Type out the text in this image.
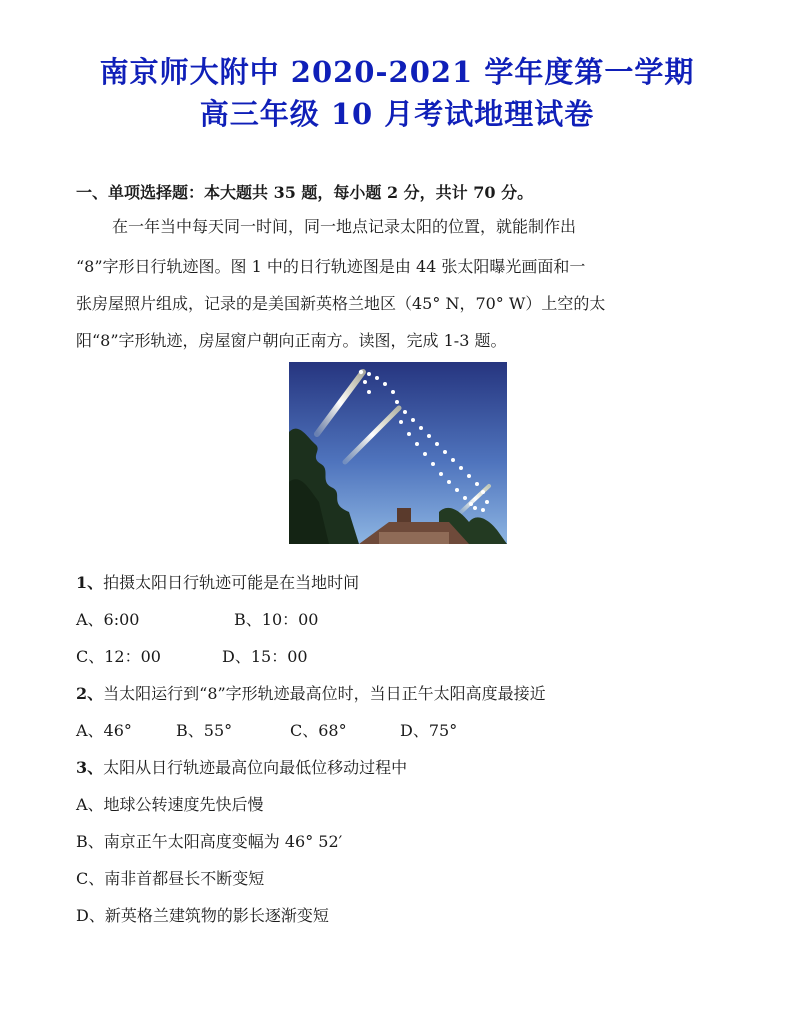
南京师大附中 2020-2021 学年度第一学期
高三年级 10 月考试地理试卷
一、单项选择题：本大题共 35 题，每小题 2 分，共计 70 分。
在一年当中每天同一时间，同一地点记录太阳的位置，就能制作出
“8”字形日行轨迹图。图 1 中的日行轨迹图是由 44 张太阳曝光画面和一
张房屋照片组成，记录的是美国新英格兰地区（45° N，70° W）上空的太
阳“8”字形轨迹，房屋窗户朝向正南方。读图，完成 1-3 题。
1、拍摄太阳日行轨迹可能是在当地时间
A、6:00	B、10：00
C、12：00	D、15：00
2、当太阳运行到“8”字形轨迹最高位时，当日正午太阳高度最接近
A、46°	B、55°	C、68°	D、75°
3、太阳从日行轨迹最高位向最低位移动过程中
A、地球公转速度先快后慢
B、南京正午太阳高度变幅为 46° 52′
C、南非首都昼长不断变短
D、新英格兰建筑物的影长逐渐变短
